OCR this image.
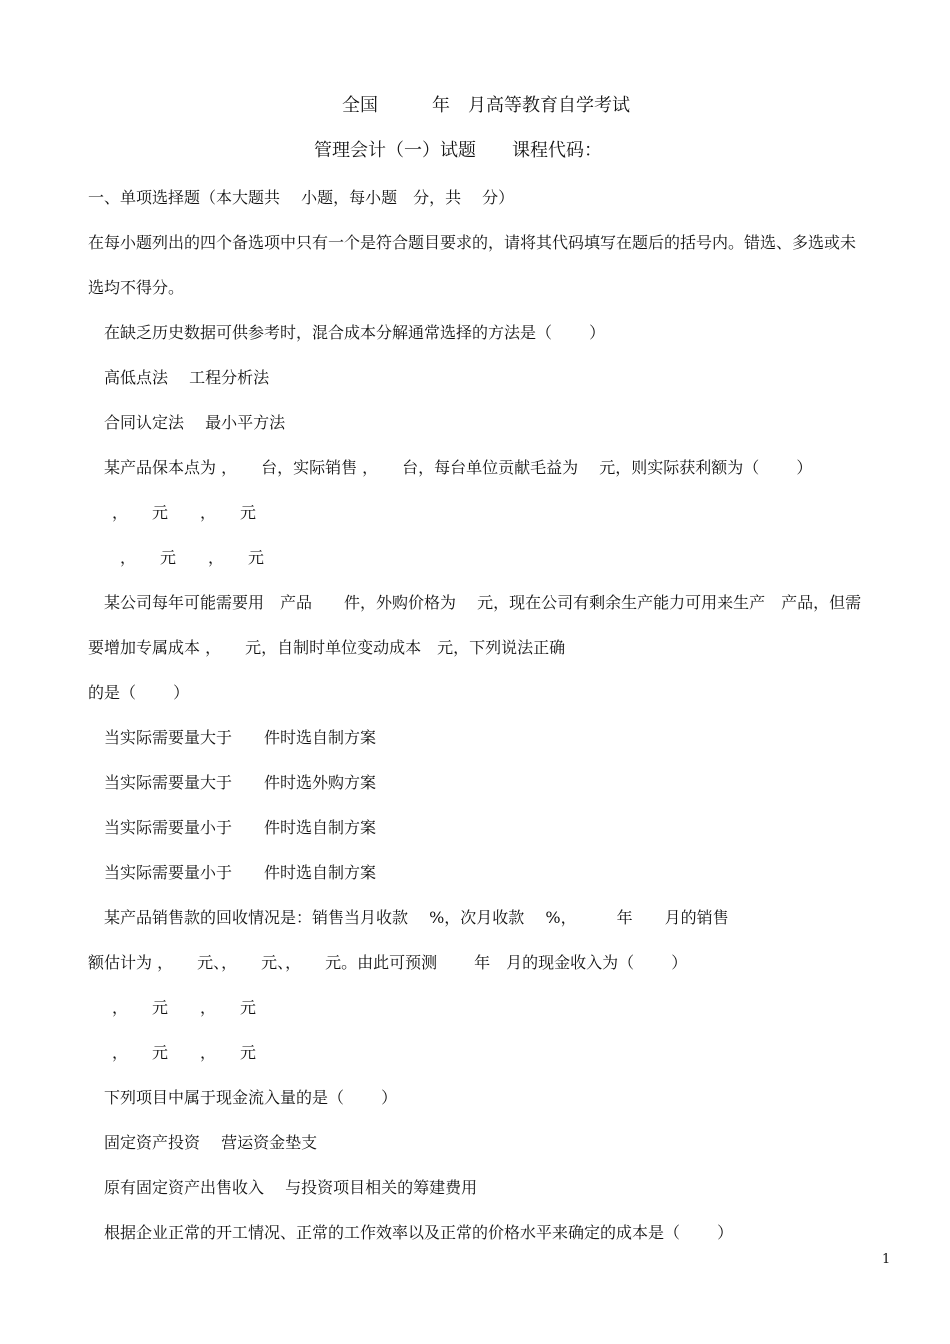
全国　　　年　月高等教育自学考试

管理会计（一）试题　　课程代码：

一、单项选择题（本大题共　 小题，每小题　分，共　 分）

在每小题列出的四个备选项中只有一个是符合题目要求的，请将其代码填写在题后的括号内。错选、多选或未

选均不得分。

在缺乏历史数据可供参考时，混合成本分解通常选择的方法是（　　 ）

高低点法　 工程分析法

合同认定法　 最小平方法

某产品保本点为 ，　　台，实际销售 ，　　台，每台单位贡献毛益为　 元，则实际获利额为（　　 ）

，　　元　　，　　元

，　　元　　，　　元

某公司每年可能需要用　产品　　件，外购价格为　 元，现在公司有剩余生产能力可用来生产　产品，但需

要增加专属成本 ，　　元，自制时单位变动成本　元，下列说法正确

的是（　　 ）

当实际需要量大于　　件时选自制方案

当实际需要量大于　　件时选外购方案

当实际需要量小于　　件时选自制方案

当实际需要量小于　　件时选自制方案

某产品销售款的回收情况是：销售当月收款　 %，次月收款　 %，　　　年　　月的销售

额估计为 ，　　元、，　　元、，　　元。由此可预测　　 年　月的现金收入为（　　 ）

，　　元　　，　　元

，　　元　　，　　元

下列项目中属于现金流入量的是（　　 ）

固定资产投资　 营运资金垫支

原有固定资产出售收入　 与投资项目相关的筹建费用

根据企业正常的开工情况、正常的工作效率以及正常的价格水平来确定的成本是（　　 ）

1
